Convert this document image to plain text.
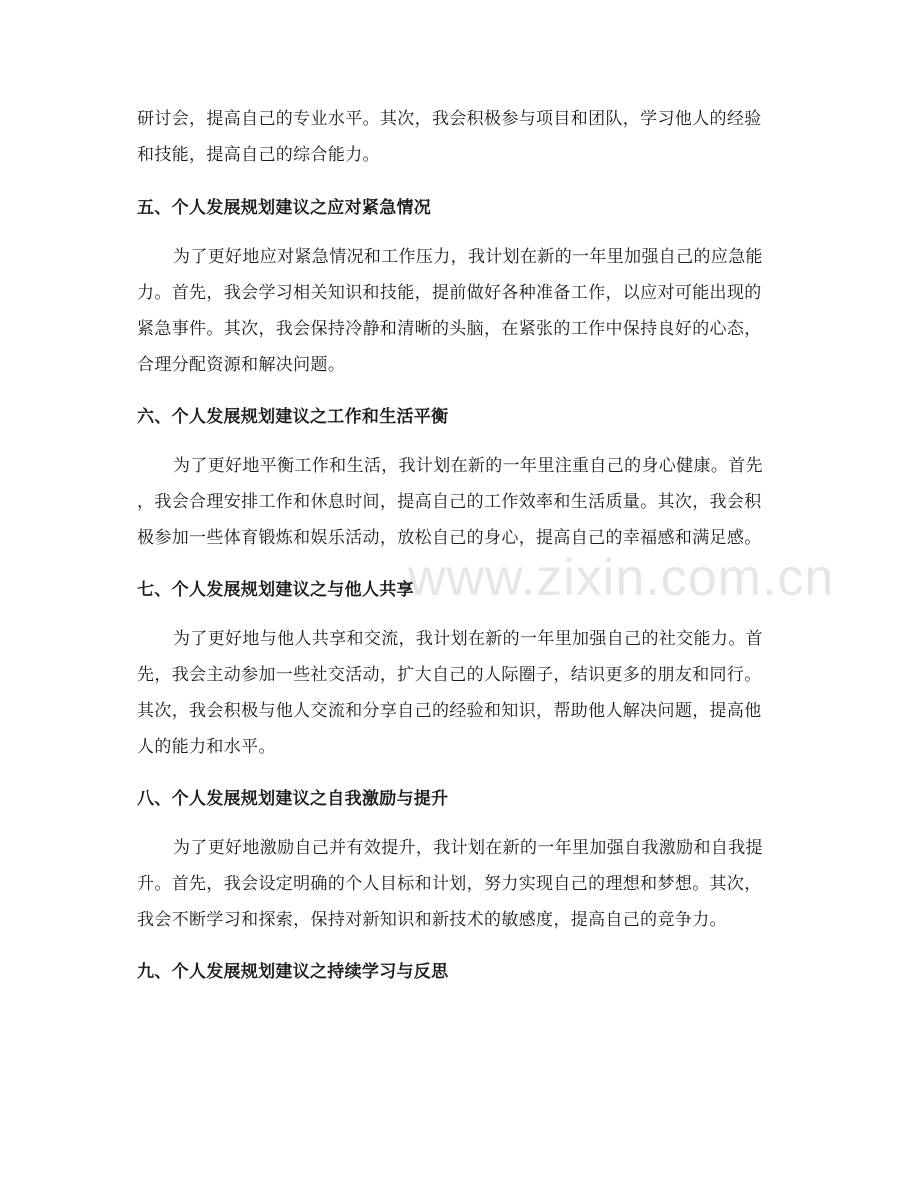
www.zixin.com.cn
研讨会，提高自己的专业水平。其次，我会积极参与项目和团队，学习他人的经验
和技能，提高自己的综合能力。
五、个人发展规划建议之应对紧急情况
为了更好地应对紧急情况和工作压力，我计划在新的一年里加强自己的应急能
力。首先，我会学习相关知识和技能，提前做好各种准备工作，以应对可能出现的
紧急事件。其次，我会保持冷静和清晰的头脑，在紧张的工作中保持良好的心态，
合理分配资源和解决问题。
六、个人发展规划建议之工作和生活平衡
为了更好地平衡工作和生活，我计划在新的一年里注重自己的身心健康。首先
，我会合理安排工作和休息时间，提高自己的工作效率和生活质量。其次，我会积
极参加一些体育锻炼和娱乐活动，放松自己的身心，提高自己的幸福感和满足感。
七、个人发展规划建议之与他人共享
为了更好地与他人共享和交流，我计划在新的一年里加强自己的社交能力。首
先，我会主动参加一些社交活动，扩大自己的人际圈子，结识更多的朋友和同行。
其次，我会积极与他人交流和分享自己的经验和知识，帮助他人解决问题，提高他
人的能力和水平。
八、个人发展规划建议之自我激励与提升
为了更好地激励自己并有效提升，我计划在新的一年里加强自我激励和自我提
升。首先，我会设定明确的个人目标和计划，努力实现自己的理想和梦想。其次，
我会不断学习和探索，保持对新知识和新技术的敏感度，提高自己的竞争力。
九、个人发展规划建议之持续学习与反思
